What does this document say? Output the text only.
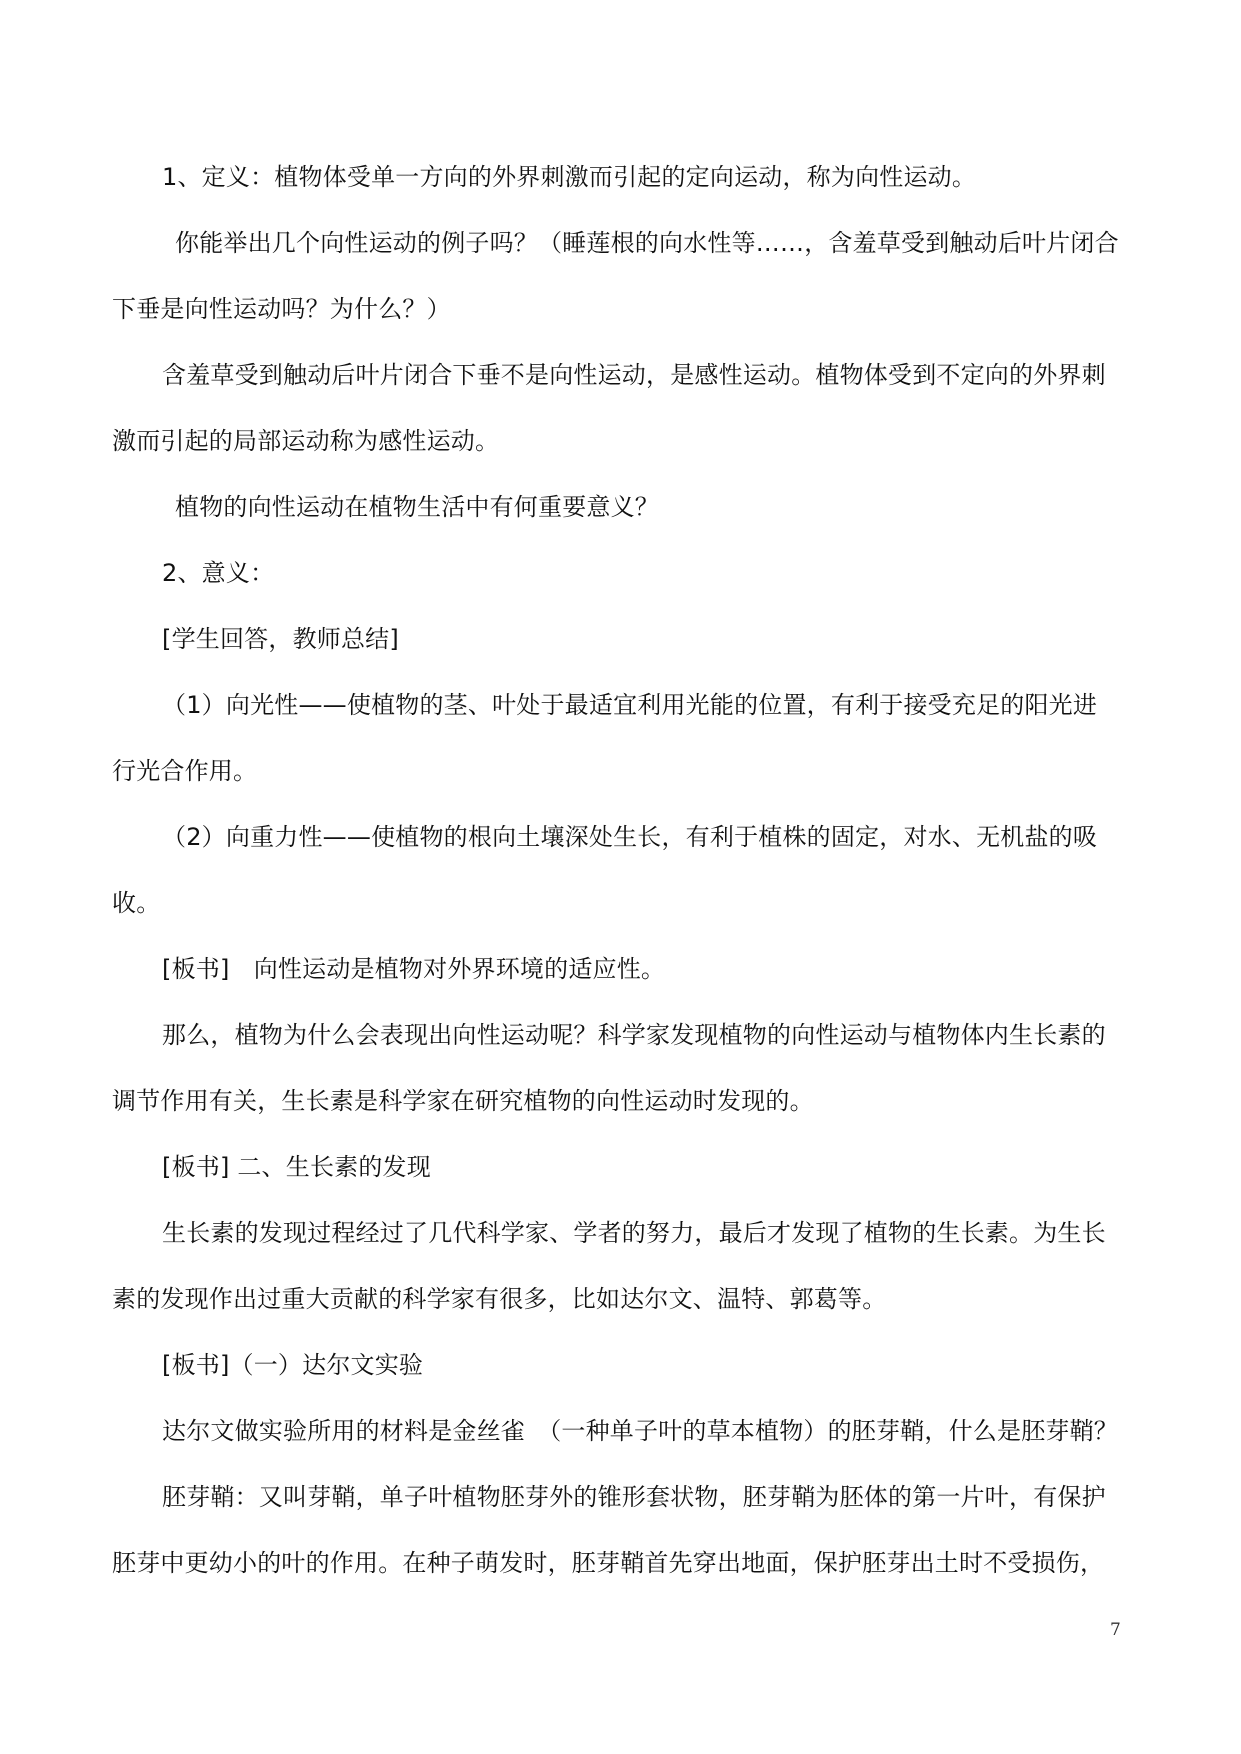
1、定义：植物体受单一方向的外界刺激而引起的定向运动，称为向性运动。
你能举出几个向性运动的例子吗？（睡莲根的向水性等……，含羞草受到触动后叶片闭合
下垂是向性运动吗？为什么？）
含羞草受到触动后叶片闭合下垂不是向性运动，是感性运动。植物体受到不定向的外界刺
激而引起的局部运动称为感性运动。
植物的向性运动在植物生活中有何重要意义？
2、意义：
[学生回答，教师总结]
（1）向光性——使植物的茎、叶处于最适宜利用光能的位置，有利于接受充足的阳光进
行光合作用。
（2）向重力性——使植物的根向土壤深处生长，有利于植株的固定，对水、无机盐的吸
收。
[板书]　向性运动是植物对外界环境的适应性。
那么，植物为什么会表现出向性运动呢？科学家发现植物的向性运动与植物体内生长素的
调节作用有关，生长素是科学家在研究植物的向性运动时发现的。
[板书] 二、生长素的发现
生长素的发现过程经过了几代科学家、学者的努力，最后才发现了植物的生长素。为生长
素的发现作出过重大贡献的科学家有很多，比如达尔文、温特、郭葛等。
[板书]（一）达尔文实验
达尔文做实验所用的材料是金丝雀　（一种单子叶的草本植物）的胚芽鞘，什么是胚芽鞘？
胚芽鞘：又叫芽鞘，单子叶植物胚芽外的锥形套状物，胚芽鞘为胚体的第一片叶，有保护
胚芽中更幼小的叶的作用。在种子萌发时，胚芽鞘首先穿出地面，保护胚芽出土时不受损伤，
7
